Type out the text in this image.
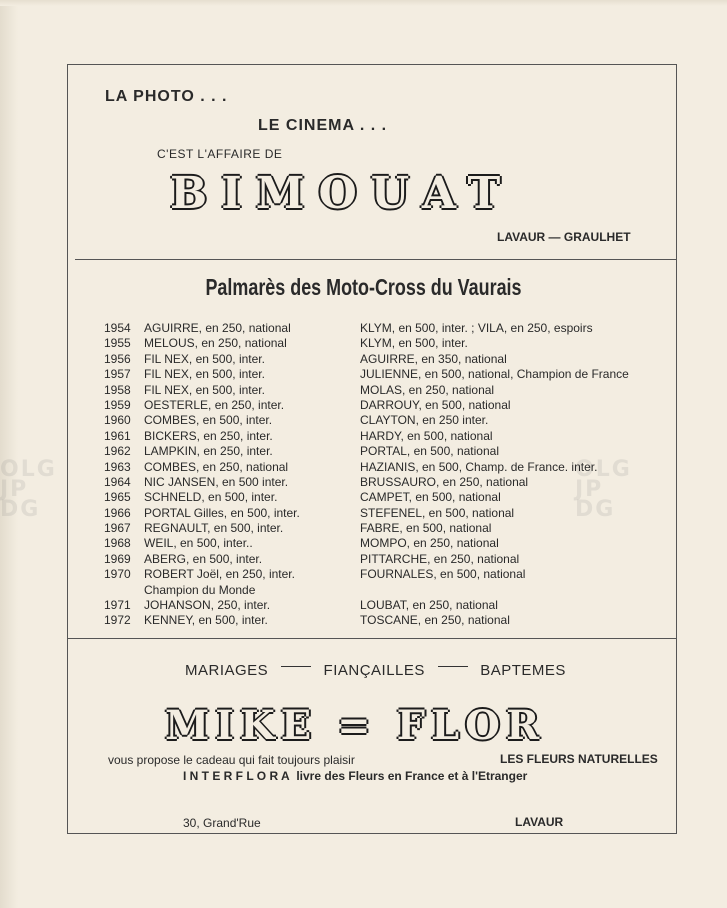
OLG
JP
DG
OLG
JP
DG
LA PHOTO . . .
LE CINEMA . . .
C'EST L'AFFAIRE DE
BIMOUAT
LAVAUR — GRAULHET
Palmarès des Moto-Cross du Vaurais
1954	AGUIRRE, en 250, national	KLYM, en 500, inter. ; VILA, en 250, espoirs
1955	MELOUS, en 250, national	KLYM, en 500, inter.
1956	FIL NEX, en 500, inter.	AGUIRRE, en 350, national
1957	FIL NEX, en 500, inter.	JULIENNE, en 500, national, Champion de France
1958	FIL NEX, en 500, inter.	MOLAS, en 250, national
1959	OESTERLE, en 250, inter.	DARROUY, en 500, national
1960	COMBES, en 500, inter.	CLAYTON, en 250 inter.
1961	BICKERS, en 250, inter.	HARDY, en 500, national
1962	LAMPKIN, en 250, inter.	PORTAL, en 500, national
1963	COMBES, en 250, national	HAZIANIS, en 500, Champ. de France. inter.
1964	NIC JANSEN, en 500 inter.	BRUSSAURO, en 250, national
1965	SCHNELD, en 500, inter.	CAMPET, en 500, national
1966	PORTAL Gilles, en 500, inter.	STEFENEL, en 500, national
1967	REGNAULT, en 500, inter.	FABRE, en 500, national
1968	WEIL, en 500, inter..	MOMPO, en 250, national
1969	ABERG, en 500, inter.	PITTARCHE, en 250, national
1970	ROBERT Joël, en 250, inter.	FOURNALES, en 500, national
Champion du Monde
1971	JOHANSON, 250, inter.	LOUBAT, en 250, national
1972	KENNEY, en 500, inter.	TOSCANE, en 250, national
MARIAGES	FIANÇAILLES	BAPTEMES
MIKE = FLOR
vous propose le cadeau qui fait toujours plaisir	LES FLEURS NATURELLES
I N T E R F L O R A livre des Fleurs en France et à l'Etranger
30, Grand'Rue	LAVAUR
